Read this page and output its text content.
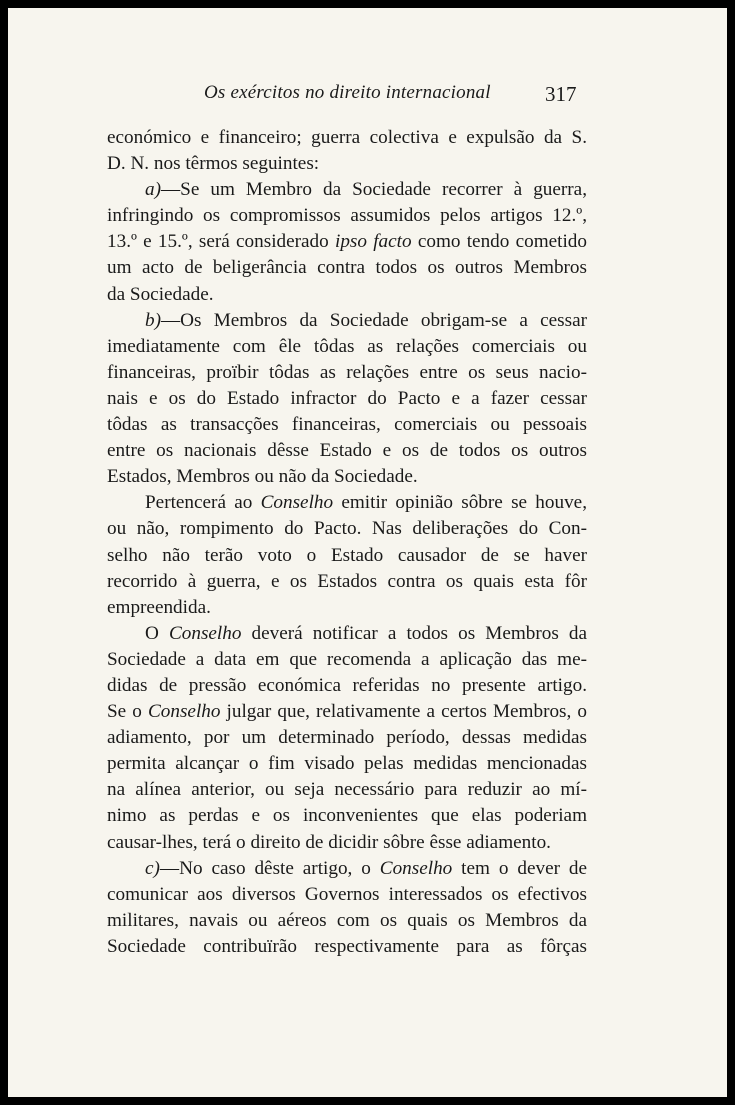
Os exércitos no direito internacional	317
económico e financeiro; guerra colectiva e expulsão da S.
D. N. nos têrmos seguintes:
a)—Se um Membro da Sociedade recorrer à guerra,
infringindo os compromissos assumidos pelos artigos 12.º,
13.º e 15.º, será considerado ipso facto como tendo cometido
um acto de beligerância contra todos os outros Membros
da Sociedade.
b)—Os Membros da Sociedade obrigam-se a cessar
imediatamente com êle tôdas as relações comerciais ou
financeiras, proïbir tôdas as relações entre os seus nacio-
nais e os do Estado infractor do Pacto e a fazer cessar
tôdas as transacções financeiras, comerciais ou pessoais
entre os nacionais dêsse Estado e os de todos os outros
Estados, Membros ou não da Sociedade.
Pertencerá ao Conselho emitir opinião sôbre se houve,
ou não, rompimento do Pacto. Nas deliberações do Con-
selho não terão voto o Estado causador de se haver
recorrido à guerra, e os Estados contra os quais esta fôr
empreendida.
O Conselho deverá notificar a todos os Membros da
Sociedade a data em que recomenda a aplicação das me-
didas de pressão económica referidas no presente artigo.
Se o Conselho julgar que, relativamente a certos Membros, o
adiamento, por um determinado período, dessas medidas
permita alcançar o fim visado pelas medidas mencionadas
na alínea anterior, ou seja necessário para reduzir ao mí-
nimo as perdas e os inconvenientes que elas poderiam
causar-lhes, terá o direito de dicidir sôbre êsse adiamento.
c)—No caso dêste artigo, o Conselho tem o dever de
comunicar aos diversos Governos interessados os efectivos
militares, navais ou aéreos com os quais os Membros da
Sociedade contribuïrão respectivamente para as fôrças
